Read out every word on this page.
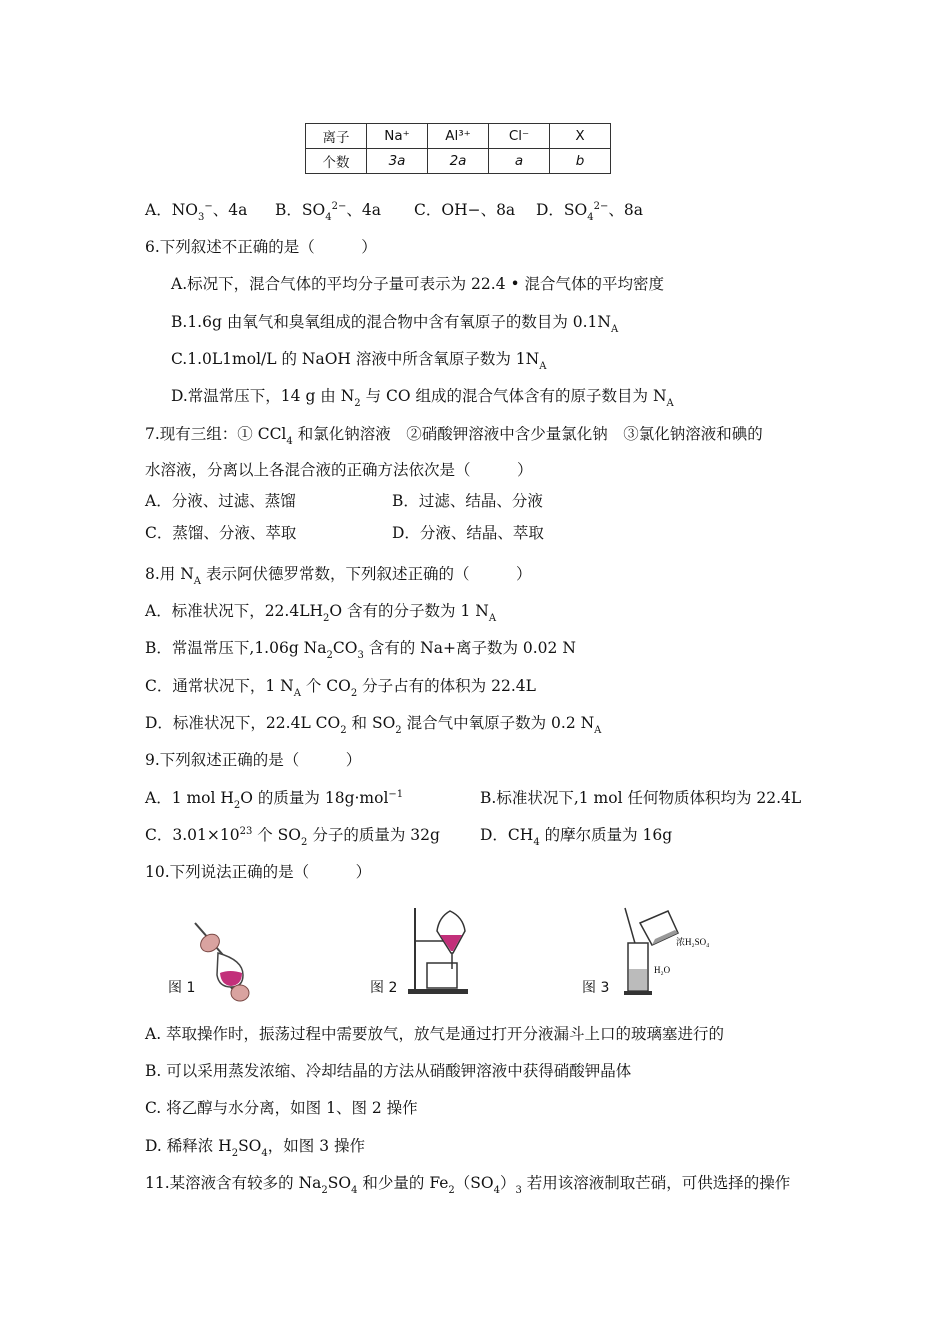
离子	Na⁺	Al³⁺	Cl⁻	X
个数	3a	2a	a	b
A．$NO_3^-$、4a B．$SO_4^{2-}$、4a C．OH−、8a D．$SO_4^{2-}$、8a
6.下列叙述不正确的是（　　　）
A.标况下，混合气体的平均分子量可表示为 22.4 • 混合气体的平均密度
B.1.6g 由氧气和臭氧组成的混合物中含有氧原子的数目为 $0.1N_A$
C.1.0L1mol/L 的 NaOH 溶液中所含氧原子数为 $1N_A$
D.常温常压下，14 g 由 $N_2$ 与 CO 组成的混合气体含有的原子数目为 $N_A$
7.现有三组：① CCl$_4$ 和氯化钠溶液　②硝酸钾溶液中含少量氯化钠　③氯化钠溶液和碘的
水溶液，分离以上各混合液的正确方法依次是（　　　）
A．分液、过滤、蒸馏	B．过滤、结晶、分液
C．蒸馏、分液、萃取	D．分液、结晶、萃取
8.用 $N_A$ 表示阿伏德罗常数，下列叙述正确的（　　　）
A．标准状况下，$22.4LH_2O$ 含有的分子数为 1 $N_A$
B．常温常压下,1.06g $Na_2CO_3$ 含有的 Na+离子数为 0.02 N
C．通常状况下，1 $N_A$ 个 $CO_2$ 分子占有的体积为 22.4L
D．标准状况下，22.4L $CO_2$ 和 $SO_2$ 混合气中氧原子数为 0.2 $N_A$
9.下列叙述正确的是（　　　）
A．1 mol $H_2O$ 的质量为 18g·mol$^{-1}$	B.标准状况下,1 mol 任何物质体积均为 22.4L
C．$3.01\times 10^{23}$ 个 $SO_2$ 分子的质量为 32g	D．$CH_4$ 的摩尔质量为 16g
10.下列说法正确的是（　　　）
图 1	图 2
浓H₂SO₄
H₂O
图 3
A. 萃取操作时，振荡过程中需要放气，放气是通过打开分液漏斗上口的玻璃塞进行的
B. 可以采用蒸发浓缩、冷却结晶的方法从硝酸钾溶液中获得硝酸钾晶体
C. 将乙醇与水分离，如图 1、图 2 操作
D. 稀释浓 $H_2SO_4$，如图 3 操作
11.某溶液含有较多的 $Na_2SO_4$ 和少量的 $Fe_2(SO_4)_3$ 若用该溶液制取芒硝，可供选择的操作
